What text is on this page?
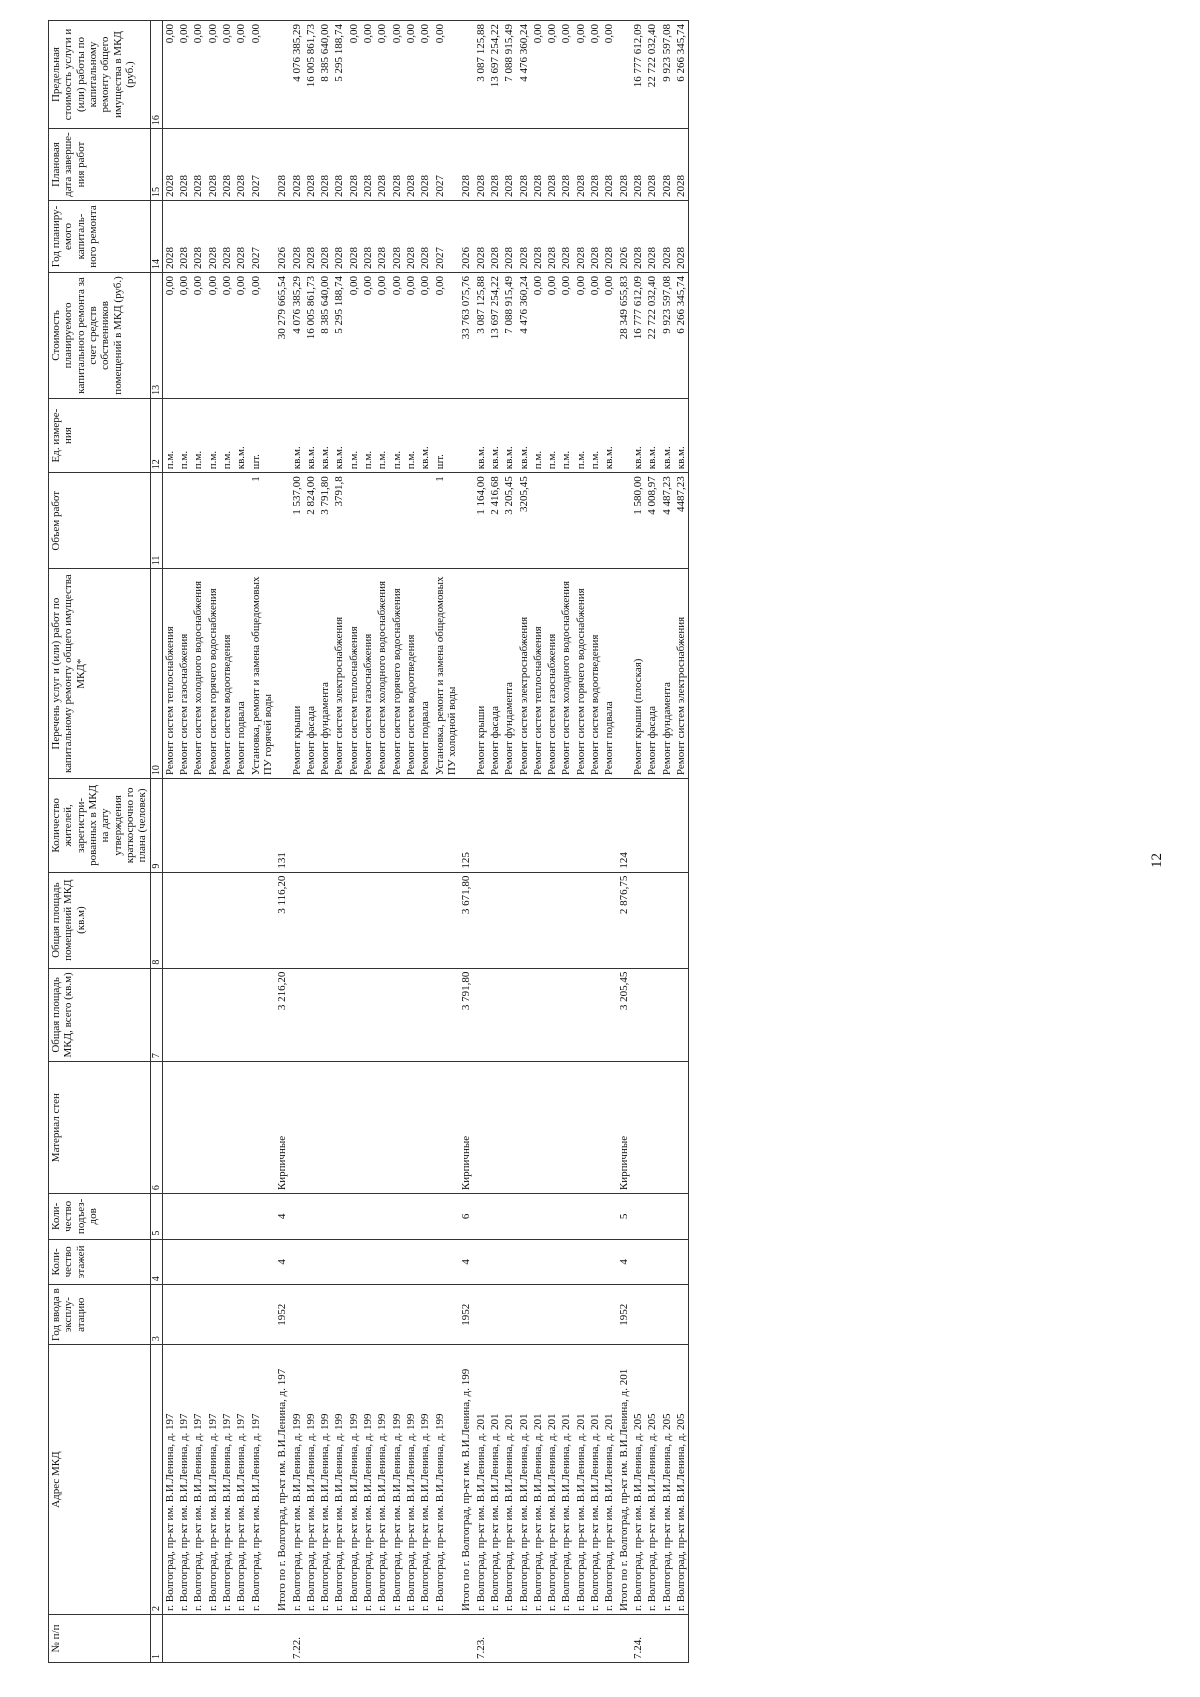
12
№ п/п	Адрес МКД	Год ввода в эксплу-атацию	Коли-чество этажей	Коли-чество подъез-дов	Материал стен	Общая площадь МКД, всего (кв.м)	Общая площадь помещений МКД (кв.м)	Количество жителей, зарегистри-рованных в МКД на дату утверждения краткосрочно го плана (человек)	Перечень услуг и (или) работ по капитальному ремонту общего имущества МКД*	Объем работ	Ед. измере-ния	Стоимость планируемого капитального ремонта за счет средств собственников помещений в МКД (руб.)	Год планиру-емого капиталь-ного ремонта	Плановая дата заверше-ния работ	Предельная стоимость услуги и (или) работы по капитальному ремонту общего имущества в МКД (руб.)
1	2	3	4	5	6	7	8	9	10	11	12	13	14	15	16
	г. Волгоград, пр-кт им. В.И.Ленина, д. 197								Ремонт систем теплоснабжения		п.м.	0,00	2028	2028	0,00
	г. Волгоград, пр-кт им. В.И.Ленина, д. 197								Ремонт систем газоснабжения		п.м.	0,00	2028	2028	0,00
	г. Волгоград, пр-кт им. В.И.Ленина, д. 197								Ремонт систем холодного водоснабжения		п.м.	0,00	2028	2028	0,00
	г. Волгоград, пр-кт им. В.И.Ленина, д. 197								Ремонт систем горячего водоснабжения		п.м.	0,00	2028	2028	0,00
	г. Волгоград, пр-кт им. В.И.Ленина, д. 197								Ремонт систем водоотведения		п.м.	0,00	2028	2028	0,00
	г. Волгоград, пр-кт им. В.И.Ленина, д. 197								Ремонт подвала		кв.м.	0,00	2028	2028	0,00
	г. Волгоград, пр-кт им. В.И.Ленина, д. 197								Установка, ремонт и замена общедомовых ПУ горячей воды	1	шт.	0,00	2027	2027	0,00
	Итого по г. Волгоград, пр-кт им. В.И.Ленина, д. 197	1952	4	4	Кирпичные	3 216,20	3 116,20	131				30 279 665,54	2026	2028	
7.22.	г. Волгоград, пр-кт им. В.И.Ленина, д. 199								Ремонт крыши	1 537,00	кв.м.	4 076 385,29	2028	2028	4 076 385,29
	г. Волгоград, пр-кт им. В.И.Ленина, д. 199								Ремонт фасада	2 824,00	кв.м.	16 005 861,73	2028	2028	16 005 861,73
	г. Волгоград, пр-кт им. В.И.Ленина, д. 199								Ремонт фундамента	3 791,80	кв.м.	8 385 640,00	2028	2028	8 385 640,00
	г. Волгоград, пр-кт им. В.И.Ленина, д. 199								Ремонт систем электроснабжения	3791,8	кв.м.	5 295 188,74	2028	2028	5 295 188,74
	г. Волгоград, пр-кт им. В.И.Ленина, д. 199								Ремонт систем теплоснабжения		п.м.	0,00	2028	2028	0,00
	г. Волгоград, пр-кт им. В.И.Ленина, д. 199								Ремонт систем газоснабжения		п.м.	0,00	2028	2028	0,00
	г. Волгоград, пр-кт им. В.И.Ленина, д. 199								Ремонт систем холодного водоснабжения		п.м.	0,00	2028	2028	0,00
	г. Волгоград, пр-кт им. В.И.Ленина, д. 199								Ремонт систем горячего водоснабжения		п.м.	0,00	2028	2028	0,00
	г. Волгоград, пр-кт им. В.И.Ленина, д. 199								Ремонт систем водоотведения		п.м.	0,00	2028	2028	0,00
	г. Волгоград, пр-кт им. В.И.Ленина, д. 199								Ремонт подвала		кв.м.	0,00	2028	2028	0,00
	г. Волгоград, пр-кт им. В.И.Ленина, д. 199								Установка, ремонт и замена общедомовых ПУ холодной воды	1	шт.	0,00	2027	2027	0,00
	Итого по г. Волгоград, пр-кт им. В.И.Ленина, д. 199	1952	4	6	Кирпичные	3 791,80	3 671,80	125				33 763 075,76	2026	2028	
7.23.	г. Волгоград, пр-кт им. В.И.Ленина, д. 201								Ремонт крыши	1 164,00	кв.м.	3 087 125,88	2028	2028	3 087 125,88
	г. Волгоград, пр-кт им. В.И.Ленина, д. 201								Ремонт фасада	2 416,68	кв.м.	13 697 254,22	2028	2028	13 697 254,22
	г. Волгоград, пр-кт им. В.И.Ленина, д. 201								Ремонт фундамента	3 205,45	кв.м.	7 088 915,49	2028	2028	7 088 915,49
	г. Волгоград, пр-кт им. В.И.Ленина, д. 201								Ремонт систем электроснабжения	3205,45	кв.м.	4 476 360,24	2028	2028	4 476 360,24
	г. Волгоград, пр-кт им. В.И.Ленина, д. 201								Ремонт систем теплоснабжения		п.м.	0,00	2028	2028	0,00
	г. Волгоград, пр-кт им. В.И.Ленина, д. 201								Ремонт систем газоснабжения		п.м.	0,00	2028	2028	0,00
	г. Волгоград, пр-кт им. В.И.Ленина, д. 201								Ремонт систем холодного водоснабжения		п.м.	0,00	2028	2028	0,00
	г. Волгоград, пр-кт им. В.И.Ленина, д. 201								Ремонт систем горячего водоснабжения		п.м.	0,00	2028	2028	0,00
	г. Волгоград, пр-кт им. В.И.Ленина, д. 201								Ремонт систем водоотведения		п.м.	0,00	2028	2028	0,00
	г. Волгоград, пр-кт им. В.И.Ленина, д. 201								Ремонт подвала		кв.м.	0,00	2028	2028	0,00
	Итого по г. Волгоград, пр-кт им. В.И.Ленина, д. 201	1952	4	5	Кирпичные	3 205,45	2 876,75	124				28 349 655,83	2026	2028	
7.24.	г. Волгоград, пр-кт им. В.И.Ленина, д. 205								Ремонт крыши (плоская)	1 580,00	кв.м.	16 777 612,09	2028	2028	16 777 612,09
	г. Волгоград, пр-кт им. В.И.Ленина, д. 205								Ремонт фасада	4 008,97	кв.м.	22 722 032,40	2028	2028	22 722 032,40
	г. Волгоград, пр-кт им. В.И.Ленина, д. 205								Ремонт фундамента	4 487,23	кв.м.	9 923 597,08	2028	2028	9 923 597,08
	г. Волгоград, пр-кт им. В.И.Ленина, д. 205								Ремонт систем электроснабжения	4487,23	кв.м.	6 266 345,74	2028	2028	6 266 345,74
